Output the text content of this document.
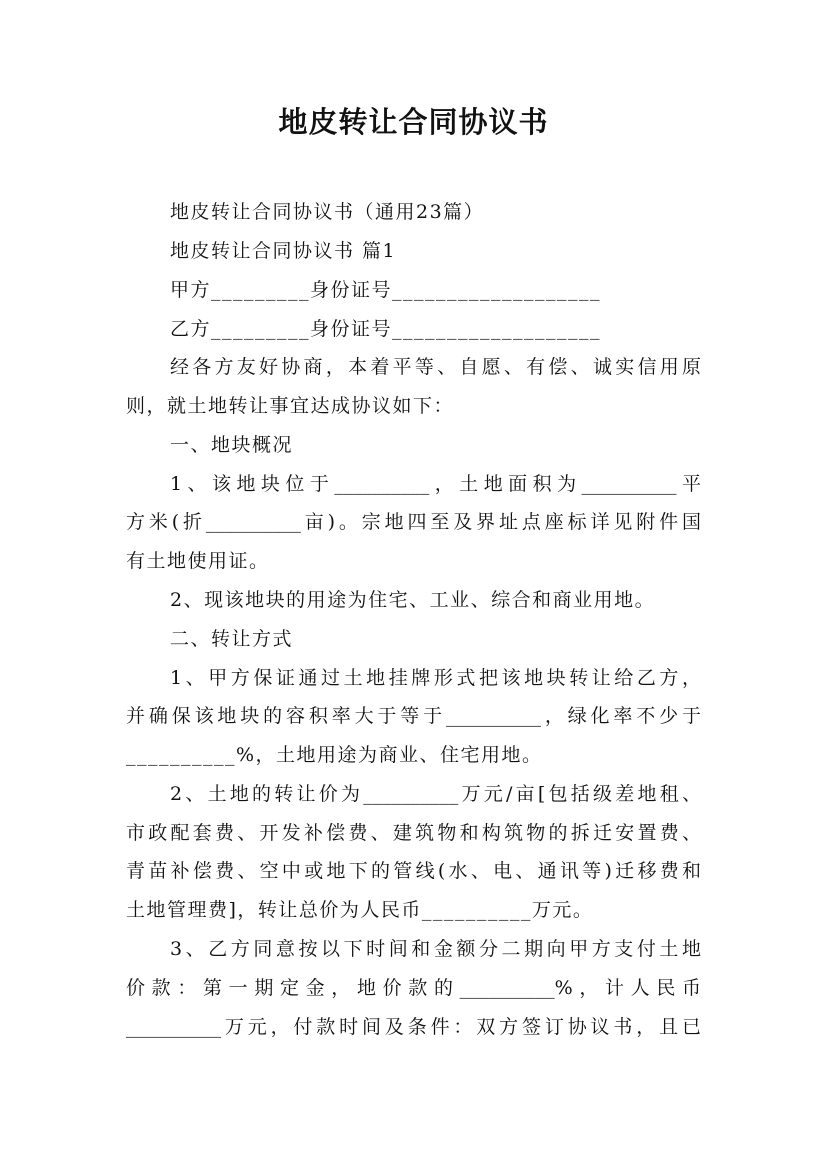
地皮转让合同协议书
地皮转让合同协议书（通用23篇）
地皮转让合同协议书 篇1
甲方_________身份证号___________________
乙方_________身份证号___________________
经各方友好协商，本着平等、自愿、有偿、诚实信用原
则，就土地转让事宜达成协议如下：
一、地块概况
1、该地块位于__________，土地面积为__________平
方米(折__________亩)。宗地四至及界址点座标详见附件国
有土地使用证。
2、现该地块的用途为住宅、工业、综合和商业用地。
二、转让方式
1、甲方保证通过土地挂牌形式把该地块转让给乙方，
并确保该地块的容积率大于等于__________，绿化率不少于
__________%，土地用途为商业、住宅用地。
2、土地的转让价为__________万元/亩[包括级差地租、
市政配套费、开发补偿费、建筑物和构筑物的拆迁安置费、
青苗补偿费、空中或地下的管线(水、电、通讯等)迁移费和
土地管理费]，转让总价为人民币__________万元。
3、乙方同意按以下时间和金额分二期向甲方支付土地
价款：第一期定金，地价款的__________%，计人民币
__________万元，付款时间及条件：双方签订协议书，且已
